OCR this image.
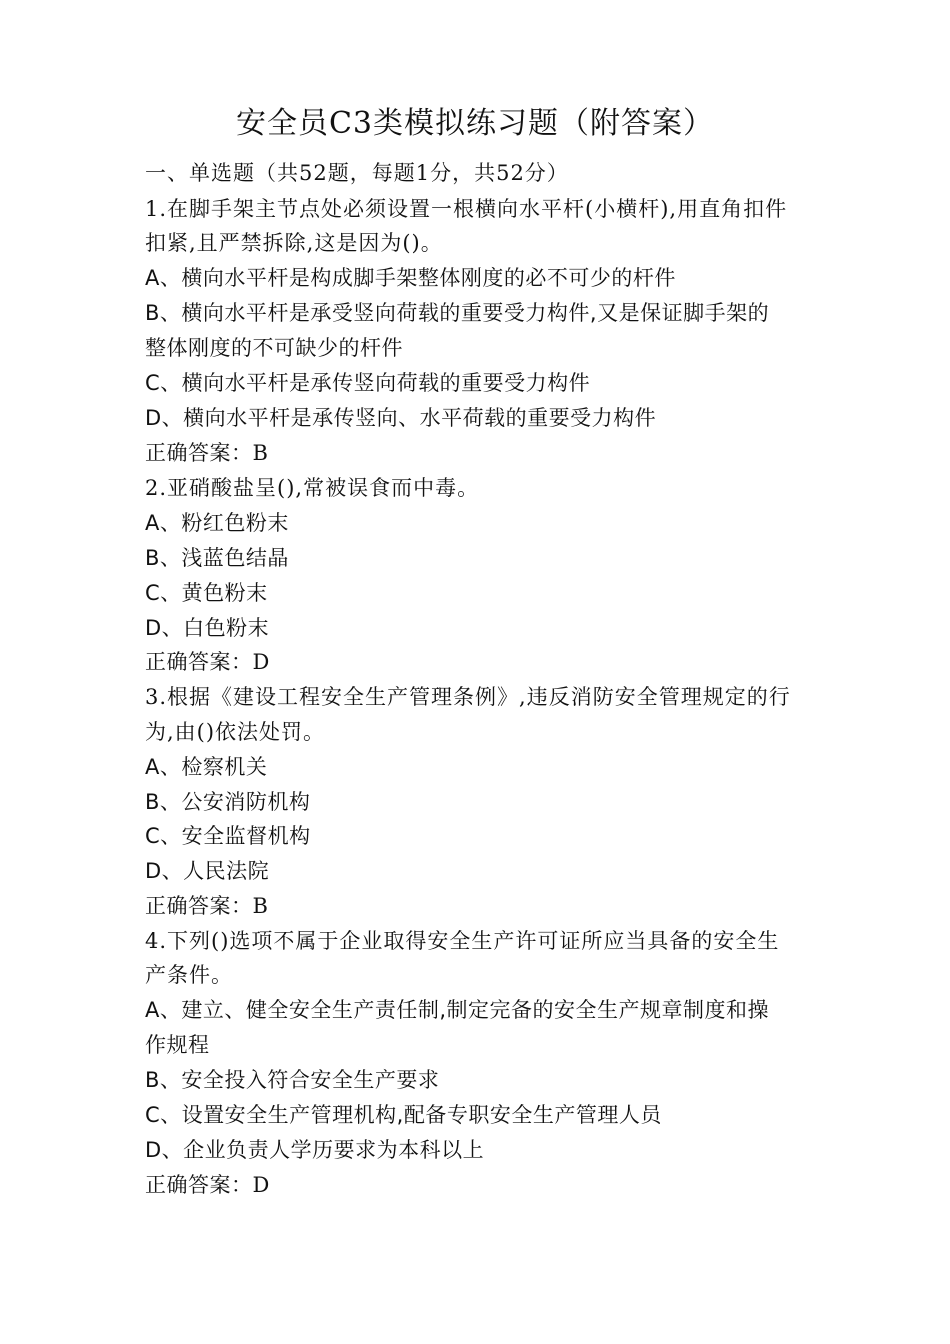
安全员C3类模拟练习题（附答案）
一、单选题（共52题，每题1分，共52分）
1.在脚手架主节点处必须设置一根横向水平杆(小横杆),用直角扣件
扣紧,且严禁拆除,这是因为()。
A、横向水平杆是构成脚手架整体刚度的必不可少的杆件
B、横向水平杆是承受竖向荷载的重要受力构件,又是保证脚手架的
整体刚度的不可缺少的杆件
C、横向水平杆是承传竖向荷载的重要受力构件
D、横向水平杆是承传竖向、水平荷载的重要受力构件
正确答案：B
2.亚硝酸盐呈(),常被误食而中毒。
A、粉红色粉末
B、浅蓝色结晶
C、黄色粉末
D、白色粉末
正确答案：D
3.根据《建设工程安全生产管理条例》,违反消防安全管理规定的行
为,由()依法处罚。
A、检察机关
B、公安消防机构
C、安全监督机构
D、人民法院
正确答案：B
4.下列()选项不属于企业取得安全生产许可证所应当具备的安全生
产条件。
A、建立、健全安全生产责任制,制定完备的安全生产规章制度和操
作规程
B、安全投入符合安全生产要求
C、设置安全生产管理机构,配备专职安全生产管理人员
D、企业负责人学历要求为本科以上
正确答案：D
